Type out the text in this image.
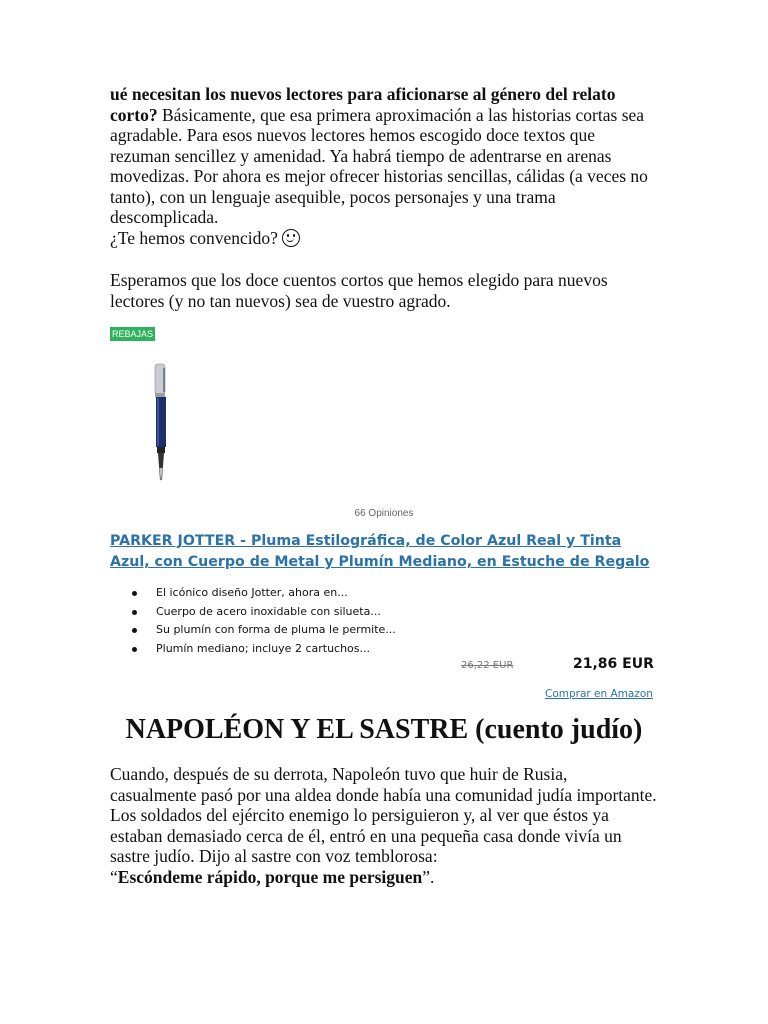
ué necesitan los nuevos lectores para aficionarse al género del relato corto? Básicamente, que esa primera aproximación a las historias cortas sea agradable. Para esos nuevos lectores hemos escogido doce textos que rezuman sencillez y amenidad. Ya habrá tiempo de adentrarse en arenas movedizas. Por ahora es mejor ofrecer historias sencillas, cálidas (a veces no tanto), con un lenguaje asequible, pocos personajes y una trama descomplicada.
¿Te hemos convencido?

Esperamos que los doce cuentos cortos que hemos elegido para nuevos lectores (y no tan nuevos) sea de vuestro agrado.

REBAJAS
66 Opiniones
PARKER JOTTER - Pluma Estilográfica, de Color Azul Real y Tinta Azul, con Cuerpo de Metal y Plumín Mediano, en Estuche de Regalo
El icónico diseño Jotter, ahora en...
Cuerpo de acero inoxidable con silueta...
Su plumín con forma de pluma le permite...
Plumín mediano; incluye 2 cartuchos...
26,22 EUR	21,86 EUR
Comprar en Amazon
NAPOLÉON Y EL SASTRE (cuento judío)

Cuando, después de su derrota, Napoleón tuvo que huir de Rusia, casualmente pasó por una aldea donde había una comunidad judía importante. Los soldados del ejército enemigo lo persiguieron y, al ver que éstos ya estaban demasiado cerca de él, entró en una pequeña casa donde vivía un sastre judío. Dijo al sastre con voz temblorosa:
“Escóndeme rápido, porque me persiguen”.
